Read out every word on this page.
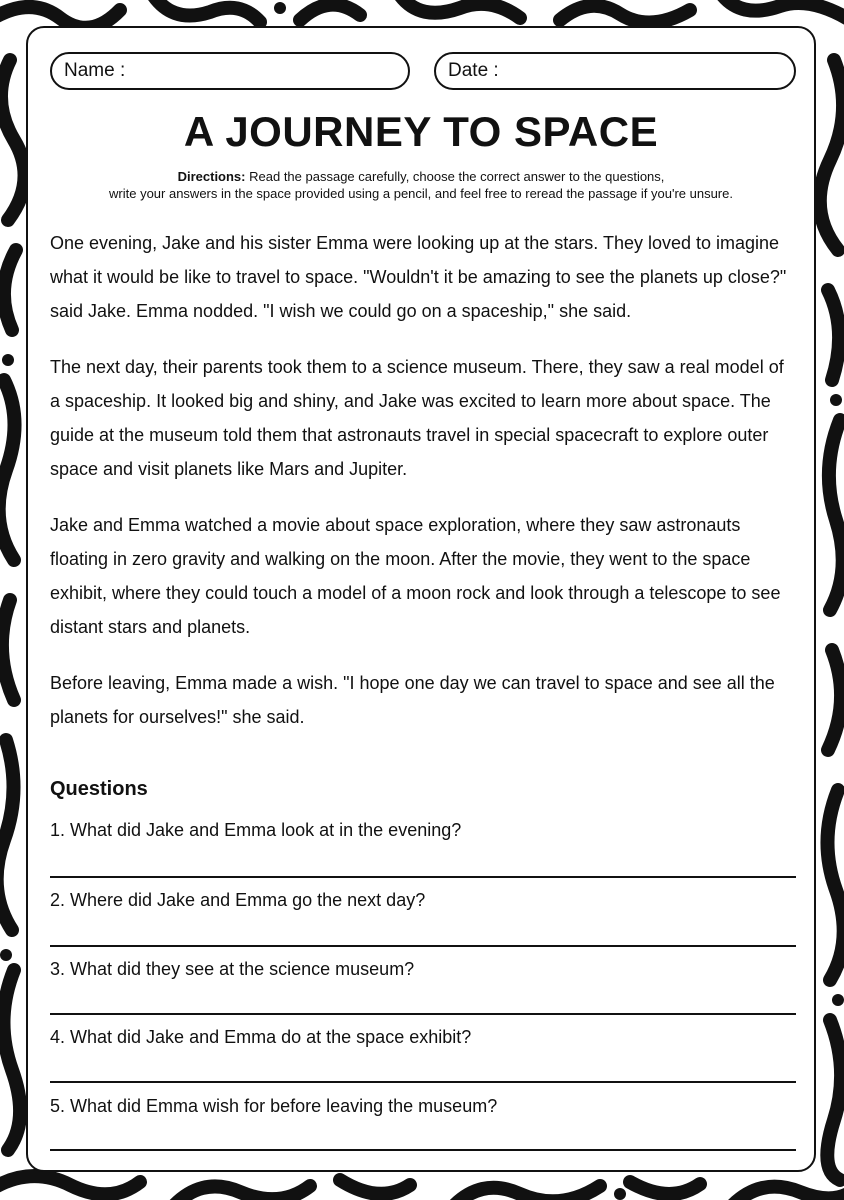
Name :	Date :
A JOURNEY TO SPACE
Directions: Read the passage carefully, choose the correct answer to the questions,
write your answers in the space provided using a pencil, and feel free to reread the passage if you're unsure.

One evening, Jake and his sister Emma were looking up at the stars. They loved to imagine what it would be like to travel to space. "Wouldn't it be amazing to see the planets up close?" said Jake. Emma nodded. "I wish we could go on a spaceship," she said.

The next day, their parents took them to a science museum. There, they saw a real model of a spaceship. It looked big and shiny, and Jake was excited to learn more about space. The guide at the museum told them that astronauts travel in special spacecraft to explore outer space and visit planets like Mars and Jupiter.

Jake and Emma watched a movie about space exploration, where they saw astronauts floating in zero gravity and walking on the moon. After the movie, they went to the space exhibit, where they could touch a model of a moon rock and look through a telescope to see distant stars and planets.

Before leaving, Emma made a wish. "I hope one day we can travel to space and see all the planets for ourselves!" she said.

Questions
1. What did Jake and Emma look at in the evening?
2. Where did Jake and Emma go the next day?
3. What did they see at the science museum?
4. What did Jake and Emma do at the space exhibit?
5. What did Emma wish for before leaving the museum?
